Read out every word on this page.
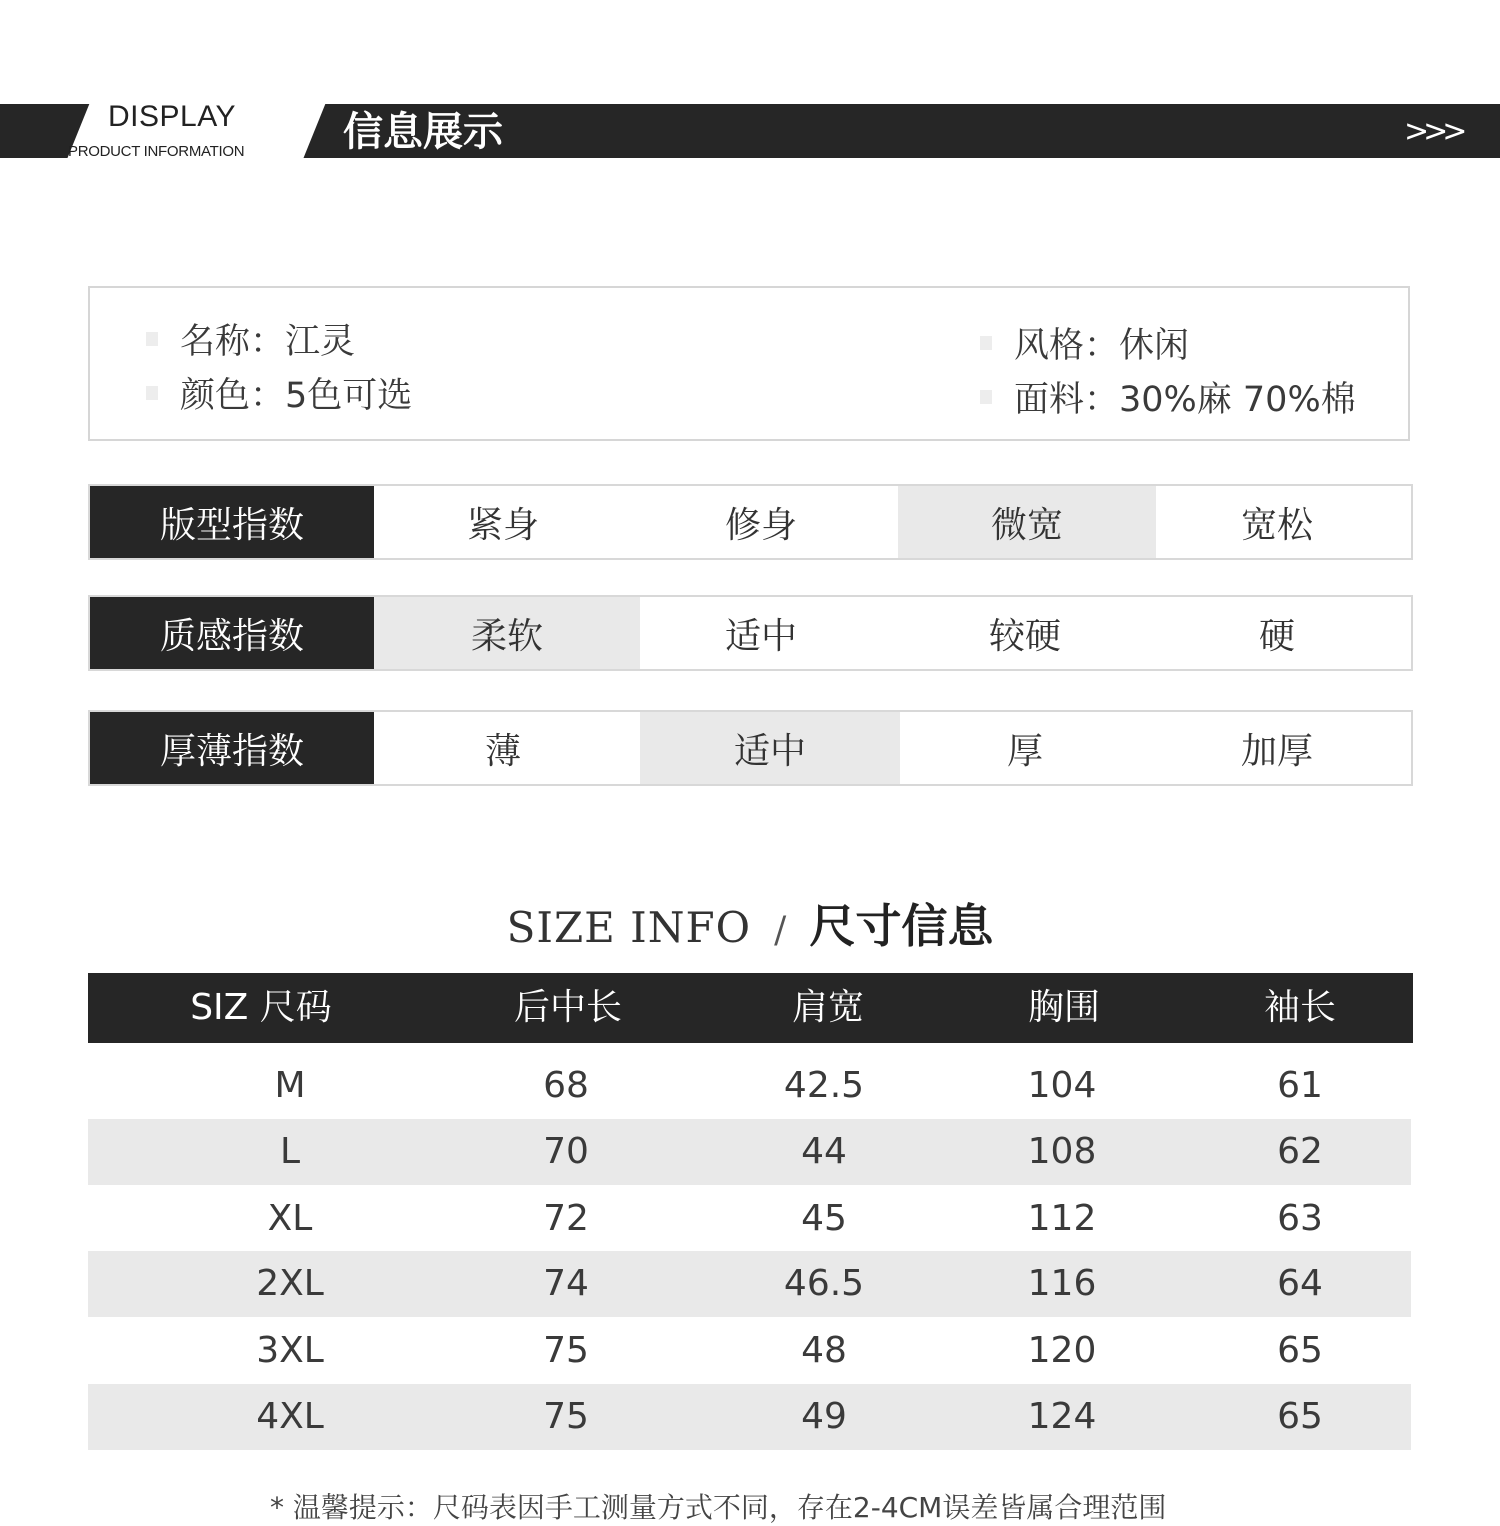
DISPLAY
PRODUCT INFORMATION 信息展示	>>>
名称：江灵
颜色：5色可选
风格：休闲
面料：30%麻 70%棉
版型指数	紧身	修身	微宽	宽松
质感指数	柔软	适中	较硬	硬
厚薄指数	薄	适中	厚	加厚
SIZE INFO / 尺寸信息
SIZ 尺码	后中长	肩宽	胸围	袖长
M	68	42.5	104	61
L	70	44	108	62
XL	72	45	112	63
2XL	74	46.5	116	64
3XL	75	48	120	65
4XL	75	49	124	65
* 温馨提示：尺码表因手工测量方式不同，存在2-4CM误差皆属合理范围
